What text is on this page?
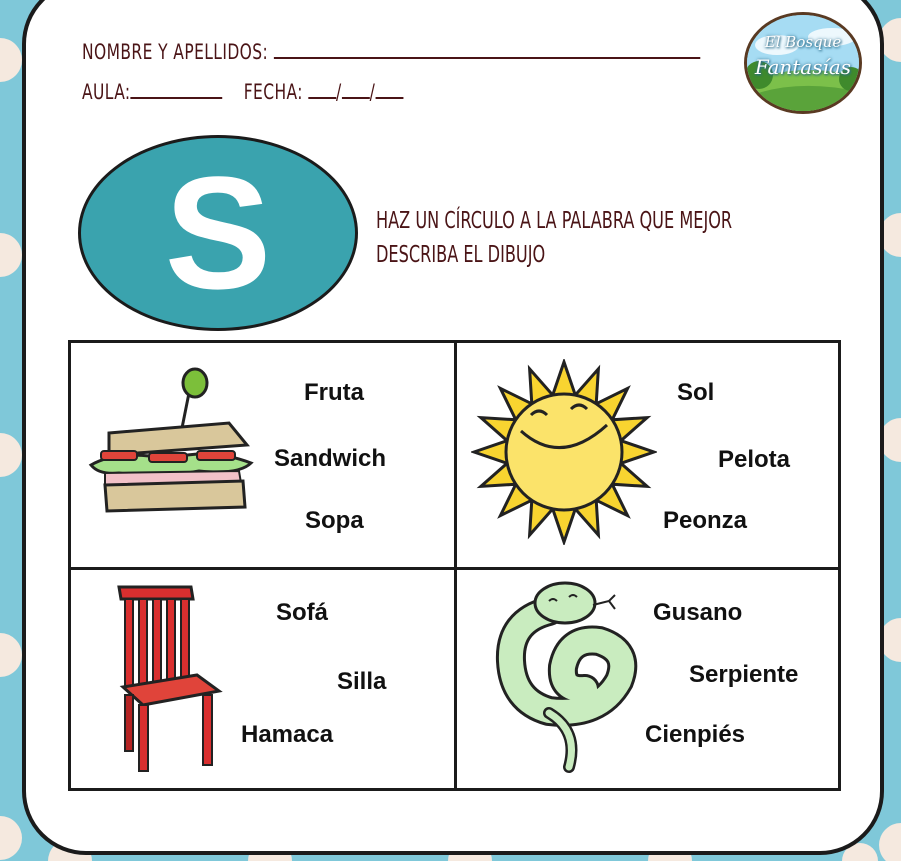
NOMBRE Y APELLIDOS:
AULA:	FECHA: / /
El Bosque
Fantasías
S	HAZ UN CÍRCULO A LA PALABRA QUE MEJOR
DESCRIBA EL DIBUJO
Fruta
Sandwich
Sopa
Sol
Pelota
Peonza
Sofá
Silla
Hamaca
Gusano
Serpiente
Cienpiés
